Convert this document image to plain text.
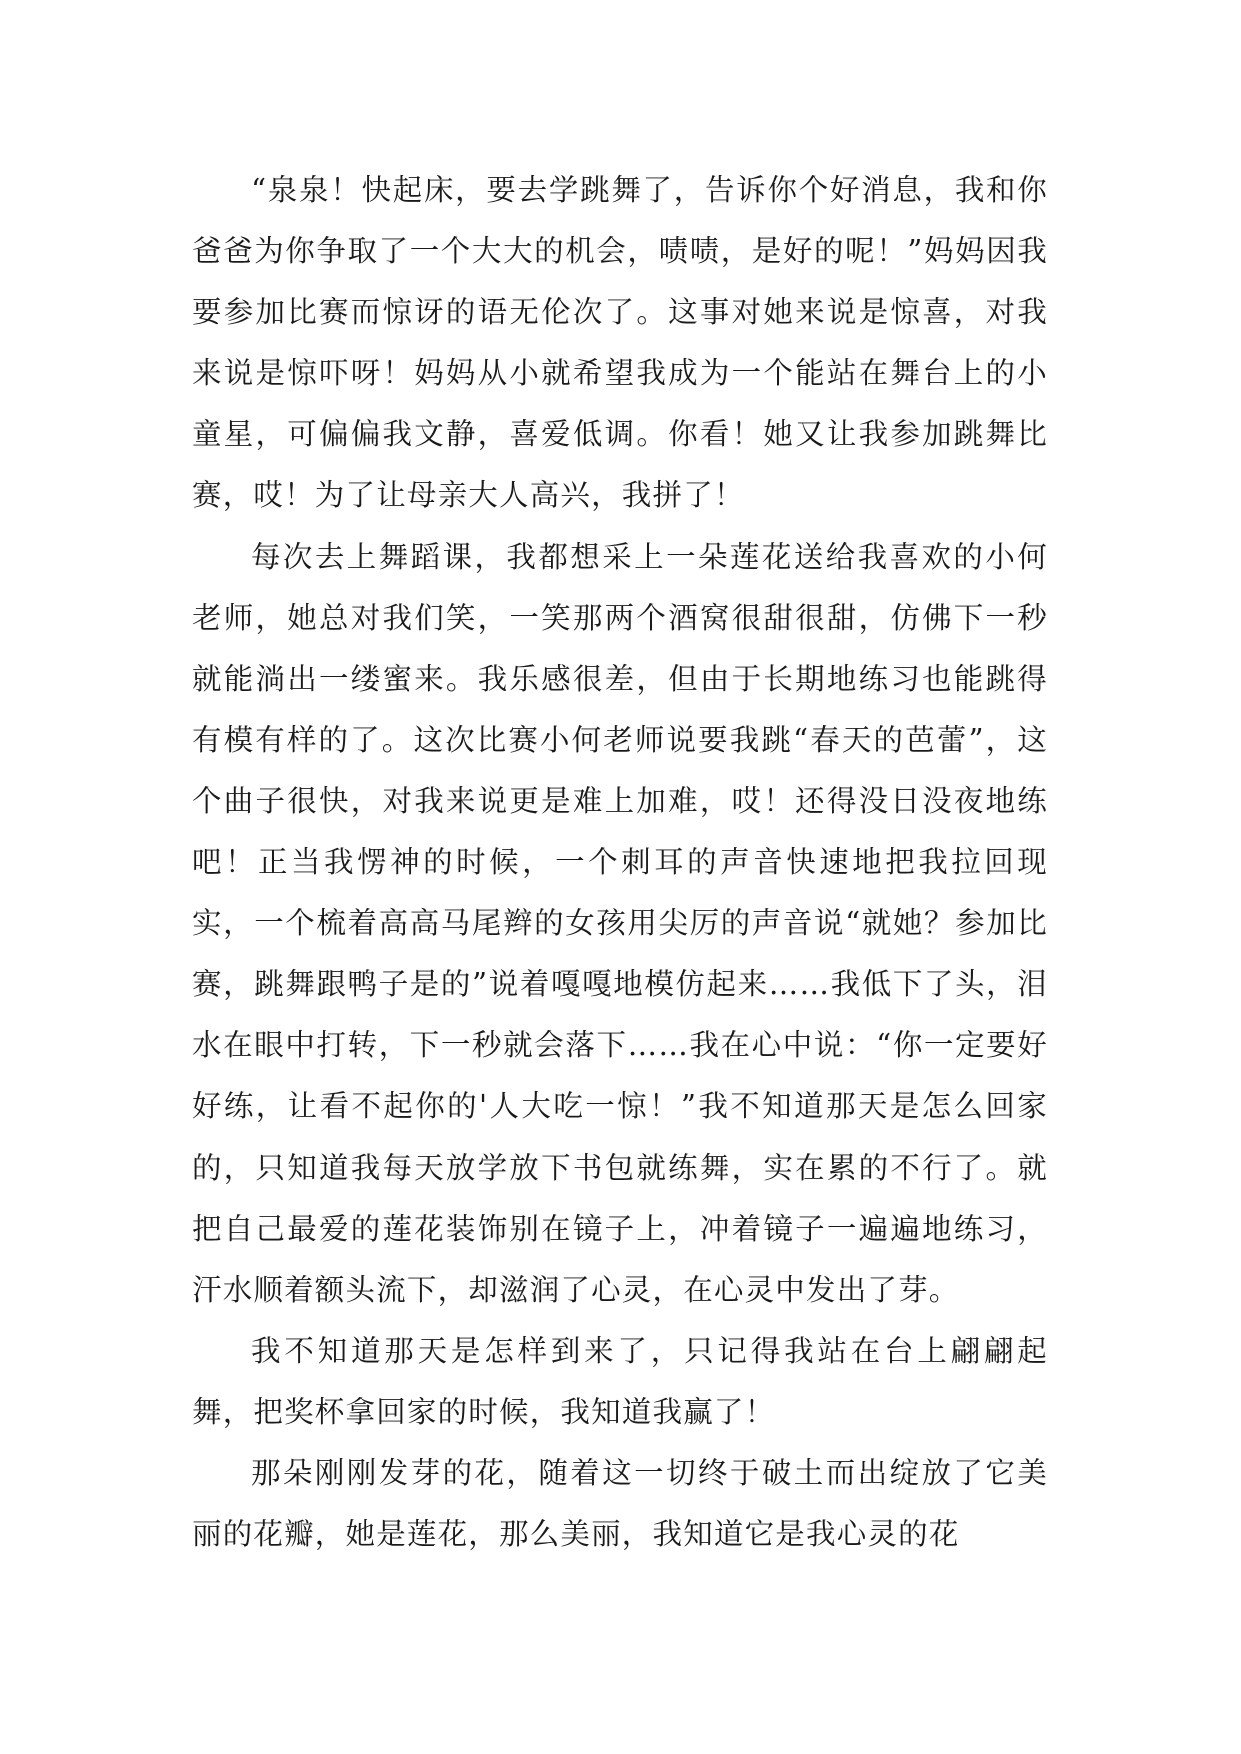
“泉泉！快起床，要去学跳舞了，告诉你个好消息，我和你爸爸为你争取了一个大大的机会，啧啧，是好的呢！”妈妈因我要参加比赛而惊讶的语无伦次了。这事对她来说是惊喜，对我来说是惊吓呀！妈妈从小就希望我成为一个能站在舞台上的小童星，可偏偏我文静，喜爱低调。你看！她又让我参加跳舞比赛，哎！为了让母亲大人高兴，我拼了！

每次去上舞蹈课，我都想采上一朵莲花送给我喜欢的小何老师，她总对我们笑，一笑那两个酒窝很甜很甜，仿佛下一秒就能淌出一缕蜜来。我乐感很差，但由于长期地练习也能跳得有模有样的了。这次比赛小何老师说要我跳“春天的芭蕾”，这个曲子很快，对我来说更是难上加难，哎！还得没日没夜地练吧！正当我愣神的时候，一个刺耳的声音快速地把我拉回现实，一个梳着高高马尾辫的女孩用尖厉的声音说“就她？参加比赛，跳舞跟鸭子是的”说着嘎嘎地模仿起来……我低下了头，泪水在眼中打转，下一秒就会落下……我在心中说：“你一定要好好练，让看不起你的'人大吃一惊！”我不知道那天是怎么回家的，只知道我每天放学放下书包就练舞，实在累的不行了。就把自己最爱的莲花装饰别在镜子上，冲着镜子一遍遍地练习，汗水顺着额头流下，却滋润了心灵，在心灵中发出了芽。

我不知道那天是怎样到来了，只记得我站在台上翩翩起舞，把奖杯拿回家的时候，我知道我赢了！

那朵刚刚发芽的花，随着这一切终于破土而出绽放了它美丽的花瓣，她是莲花，那么美丽，我知道它是我心灵的花
